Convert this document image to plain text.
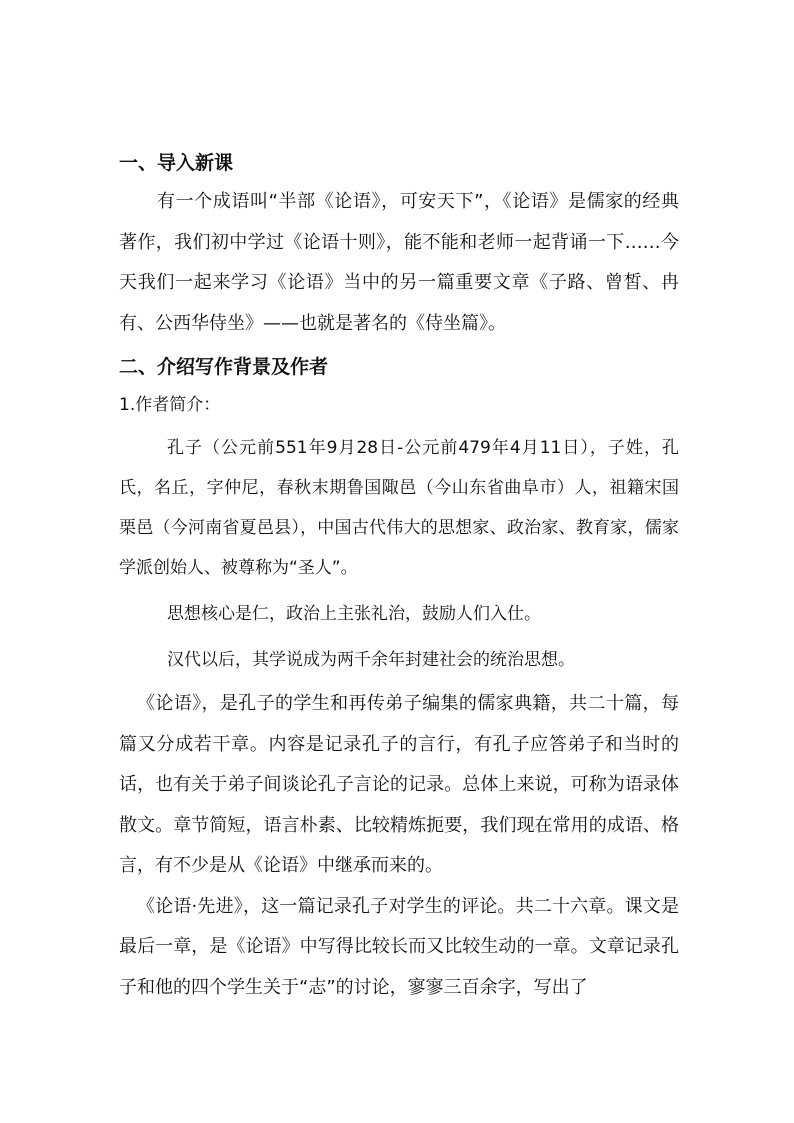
一、导入新课

有一个成语叫“半部《论语》，可安天下”，《论语》是儒家的经典著作，我们初中学过《论语十则》，能不能和老师一起背诵一下……今天我们一起来学习《论语》当中的另一篇重要文章《子路、曾皙、冉有、公西华侍坐》——也就是著名的《侍坐篇》。

二、介绍写作背景及作者

1.作者简介：

孔子（公元前551年9月28日-公元前479年4月11日），子姓，孔氏，名丘，字仲尼，春秋末期鲁国陬邑（今山东省曲阜市）人，祖籍宋国栗邑（今河南省夏邑县），中国古代伟大的思想家、政治家、教育家，儒家学派创始人、被尊称为“圣人”。

思想核心是仁，政治上主张礼治，鼓励人们入仕。

汉代以后，其学说成为两千余年封建社会的统治思想。

《论语》，是孔子的学生和再传弟子编集的儒家典籍，共二十篇，每篇又分成若干章。内容是记录孔子的言行，有孔子应答弟子和当时的话，也有关于弟子间谈论孔子言论的记录。总体上来说，可称为语录体散文。章节简短，语言朴素、比较精炼扼要，我们现在常用的成语、格言，有不少是从《论语》中继承而来的。

《论语·先进》，这一篇记录孔子对学生的评论。共二十六章。课文是最后一章，是《论语》中写得比较长而又比较生动的一章。文章记录孔子和他的四个学生关于“志”的讨论，寥寥三百余字，写出了
